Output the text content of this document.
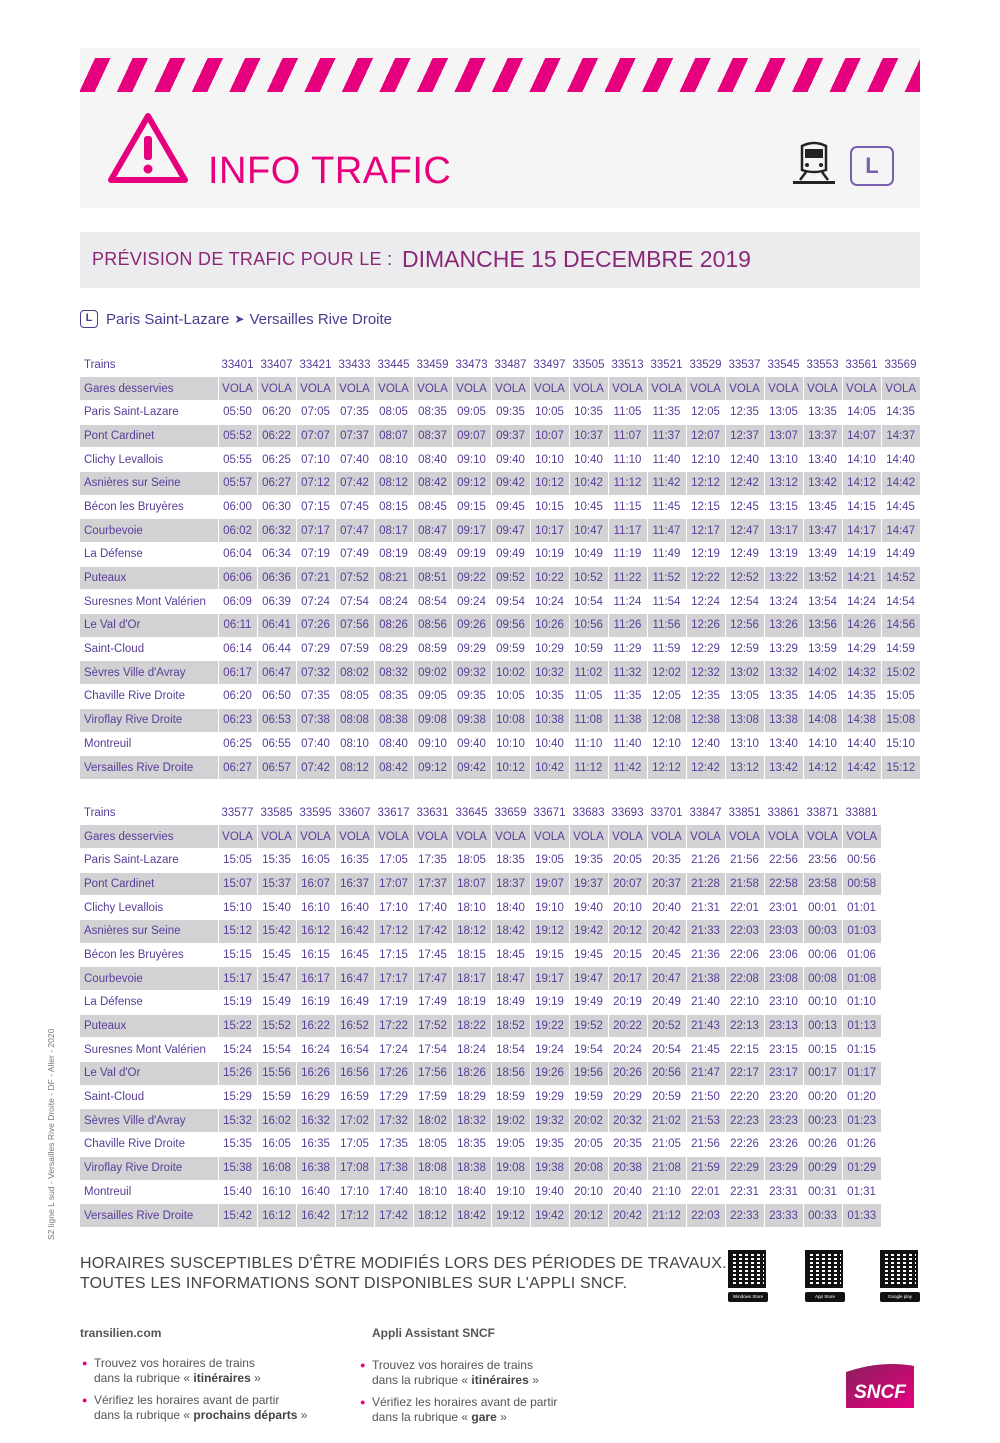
INFO TRAFIC	L
PRÉVISION DE TRAFIC POUR LE : DIMANCHE 15 DECEMBRE 2019
L Paris Saint-Lazare ➤ Versailles Rive Droite
Trains	33401	33407	33421	33433	33445	33459	33473	33487	33497	33505	33513	33521	33529	33537	33545	33553	33561	33569
Gares desservies	VOLA	VOLA	VOLA	VOLA	VOLA	VOLA	VOLA	VOLA	VOLA	VOLA	VOLA	VOLA	VOLA	VOLA	VOLA	VOLA	VOLA	VOLA
Paris Saint-Lazare	05:50	06:20	07:05	07:35	08:05	08:35	09:05	09:35	10:05	10:35	11:05	11:35	12:05	12:35	13:05	13:35	14:05	14:35
Pont Cardinet	05:52	06:22	07:07	07:37	08:07	08:37	09:07	09:37	10:07	10:37	11:07	11:37	12:07	12:37	13:07	13:37	14:07	14:37
Clichy Levallois	05:55	06:25	07:10	07:40	08:10	08:40	09:10	09:40	10:10	10:40	11:10	11:40	12:10	12:40	13:10	13:40	14:10	14:40
Asnières sur Seine	05:57	06:27	07:12	07:42	08:12	08:42	09:12	09:42	10:12	10:42	11:12	11:42	12:12	12:42	13:12	13:42	14:12	14:42
Bécon les Bruyères	06:00	06:30	07:15	07:45	08:15	08:45	09:15	09:45	10:15	10:45	11:15	11:45	12:15	12:45	13:15	13:45	14:15	14:45
Courbevoie	06:02	06:32	07:17	07:47	08:17	08:47	09:17	09:47	10:17	10:47	11:17	11:47	12:17	12:47	13:17	13:47	14:17	14:47
La Défense	06:04	06:34	07:19	07:49	08:19	08:49	09:19	09:49	10:19	10:49	11:19	11:49	12:19	12:49	13:19	13:49	14:19	14:49
Puteaux	06:06	06:36	07:21	07:52	08:21	08:51	09:22	09:52	10:22	10:52	11:22	11:52	12:22	12:52	13:22	13:52	14:21	14:52
Suresnes Mont Valérien	06:09	06:39	07:24	07:54	08:24	08:54	09:24	09:54	10:24	10:54	11:24	11:54	12:24	12:54	13:24	13:54	14:24	14:54
Le Val d'Or	06:11	06:41	07:26	07:56	08:26	08:56	09:26	09:56	10:26	10:56	11:26	11:56	12:26	12:56	13:26	13:56	14:26	14:56
Saint-Cloud	06:14	06:44	07:29	07:59	08:29	08:59	09:29	09:59	10:29	10:59	11:29	11:59	12:29	12:59	13:29	13:59	14:29	14:59
Sèvres Ville d'Avray	06:17	06:47	07:32	08:02	08:32	09:02	09:32	10:02	10:32	11:02	11:32	12:02	12:32	13:02	13:32	14:02	14:32	15:02
Chaville Rive Droite	06:20	06:50	07:35	08:05	08:35	09:05	09:35	10:05	10:35	11:05	11:35	12:05	12:35	13:05	13:35	14:05	14:35	15:05
Viroflay Rive Droite	06:23	06:53	07:38	08:08	08:38	09:08	09:38	10:08	10:38	11:08	11:38	12:08	12:38	13:08	13:38	14:08	14:38	15:08
Montreuil	06:25	06:55	07:40	08:10	08:40	09:10	09:40	10:10	10:40	11:10	11:40	12:10	12:40	13:10	13:40	14:10	14:40	15:10
Versailles Rive Droite	06:27	06:57	07:42	08:12	08:42	09:12	09:42	10:12	10:42	11:12	11:42	12:12	12:42	13:12	13:42	14:12	14:42	15:12
Trains	33577	33585	33595	33607	33617	33631	33645	33659	33671	33683	33693	33701	33847	33851	33861	33871	33881
Gares desservies	VOLA	VOLA	VOLA	VOLA	VOLA	VOLA	VOLA	VOLA	VOLA	VOLA	VOLA	VOLA	VOLA	VOLA	VOLA	VOLA	VOLA
Paris Saint-Lazare	15:05	15:35	16:05	16:35	17:05	17:35	18:05	18:35	19:05	19:35	20:05	20:35	21:26	21:56	22:56	23:56	00:56
Pont Cardinet	15:07	15:37	16:07	16:37	17:07	17:37	18:07	18:37	19:07	19:37	20:07	20:37	21:28	21:58	22:58	23:58	00:58
Clichy Levallois	15:10	15:40	16:10	16:40	17:10	17:40	18:10	18:40	19:10	19:40	20:10	20:40	21:31	22:01	23:01	00:01	01:01
Asnières sur Seine	15:12	15:42	16:12	16:42	17:12	17:42	18:12	18:42	19:12	19:42	20:12	20:42	21:33	22:03	23:03	00:03	01:03
Bécon les Bruyères	15:15	15:45	16:15	16:45	17:15	17:45	18:15	18:45	19:15	19:45	20:15	20:45	21:36	22:06	23:06	00:06	01:06
Courbevoie	15:17	15:47	16:17	16:47	17:17	17:47	18:17	18:47	19:17	19:47	20:17	20:47	21:38	22:08	23:08	00:08	01:08
La Défense	15:19	15:49	16:19	16:49	17:19	17:49	18:19	18:49	19:19	19:49	20:19	20:49	21:40	22:10	23:10	00:10	01:10
Puteaux	15:22	15:52	16:22	16:52	17:22	17:52	18:22	18:52	19:22	19:52	20:22	20:52	21:43	22:13	23:13	00:13	01:13
Suresnes Mont Valérien	15:24	15:54	16:24	16:54	17:24	17:54	18:24	18:54	19:24	19:54	20:24	20:54	21:45	22:15	23:15	00:15	01:15
Le Val d'Or	15:26	15:56	16:26	16:56	17:26	17:56	18:26	18:56	19:26	19:56	20:26	20:56	21:47	22:17	23:17	00:17	01:17
Saint-Cloud	15:29	15:59	16:29	16:59	17:29	17:59	18:29	18:59	19:29	19:59	20:29	20:59	21:50	22:20	23:20	00:20	01:20
Sèvres Ville d'Avray	15:32	16:02	16:32	17:02	17:32	18:02	18:32	19:02	19:32	20:02	20:32	21:02	21:53	22:23	23:23	00:23	01:23
Chaville Rive Droite	15:35	16:05	16:35	17:05	17:35	18:05	18:35	19:05	19:35	20:05	20:35	21:05	21:56	22:26	23:26	00:26	01:26
Viroflay Rive Droite	15:38	16:08	16:38	17:08	17:38	18:08	18:38	19:08	19:38	20:08	20:38	21:08	21:59	22:29	23:29	00:29	01:29
Montreuil	15:40	16:10	16:40	17:10	17:40	18:10	18:40	19:10	19:40	20:10	20:40	21:10	22:01	22:31	23:31	00:31	01:31
Versailles Rive Droite	15:42	16:12	16:42	17:12	17:42	18:12	18:42	19:12	19:42	20:12	20:42	21:12	22:03	22:33	23:33	00:33	01:33
S2 ligne L sud - Versailles Rive Droite - DF - Aller - 2020
HORAIRES SUSCEPTIBLES D'ÊTRE MODIFIÉS LORS DES PÉRIODES DE TRAVAUX.
TOUTES LES INFORMATIONS SONT DISPONIBLES SUR L'APPLI SNCF.
Windows Store	App Store	Google play
transilien.com	Appli Assistant SNCF
● Trouvez vos horaires de trains
dans la rubrique « itinéraires »
● Vérifiez les horaires avant de partir
dans la rubrique « prochains départs »
● Trouvez vos horaires de trains
dans la rubrique « itinéraires »
● Vérifiez les horaires avant de partir
dans la rubrique « gare »
SNCF
